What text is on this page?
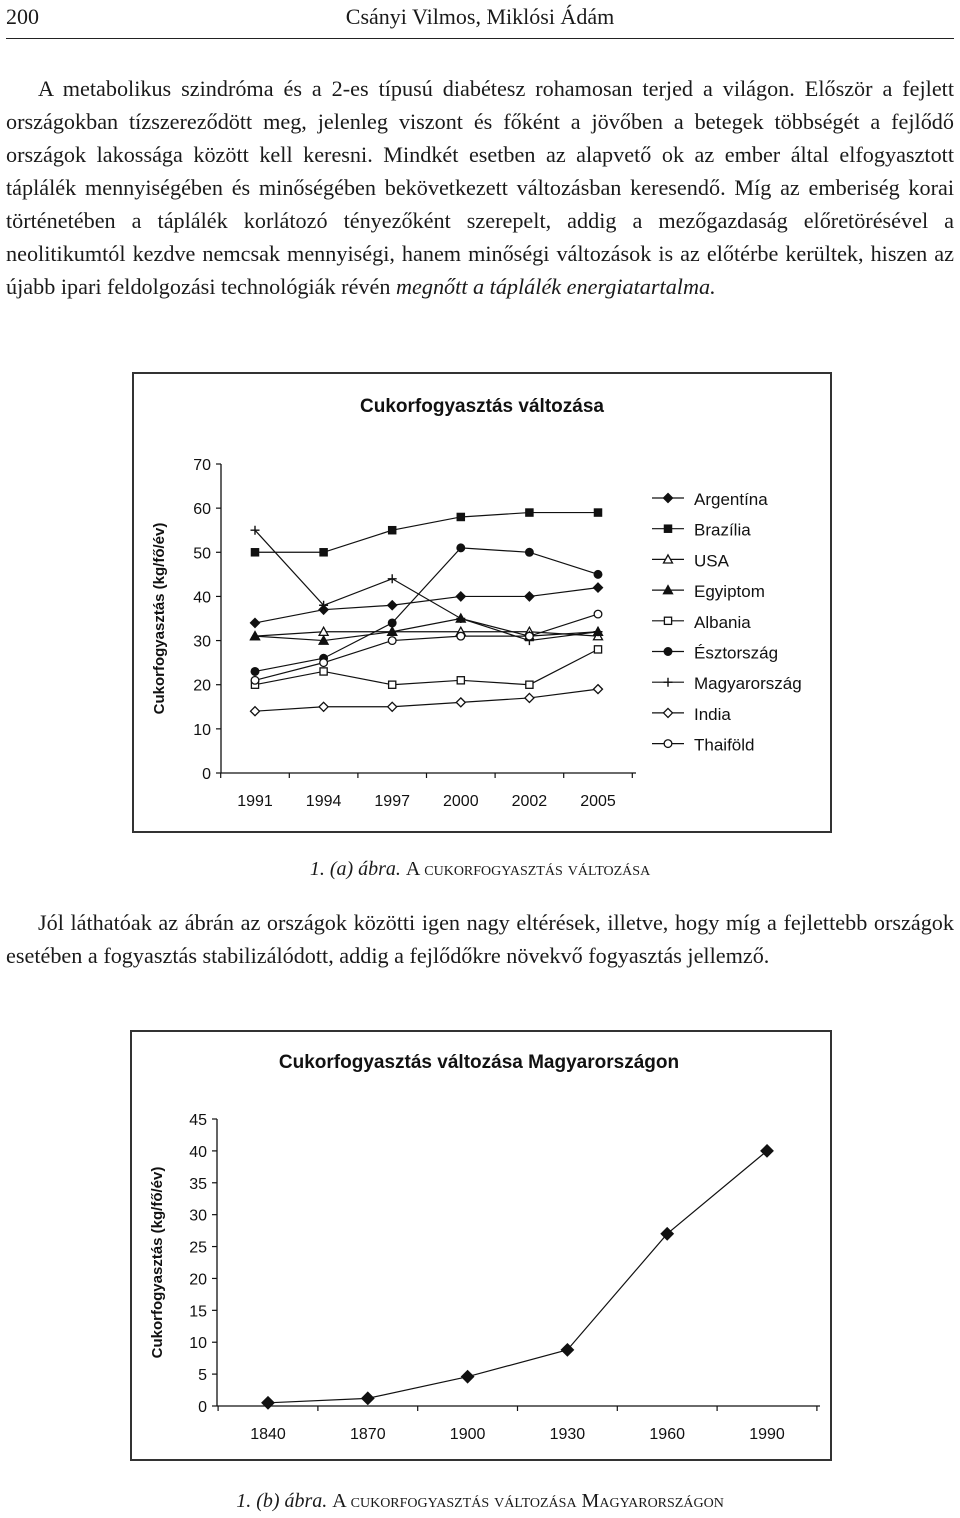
200	Csányi Vilmos, Miklósi Ádám

A metabolikus szindróma és a 2-es típusú diabétesz rohamosan terjed a világon. Először a fejlett országokban tízszereződött meg, jelenleg viszont és főként a jövőben a betegek többségét a fejlődő országok lakossága között kell keresni. Mindkét esetben az alapvető ok az ember által elfogyasztott táplálék mennyiségében és minőségében bekövetkezett változásban keresendő. Míg az emberiség korai történetében a táplálék korlátozó tényezőként szerepelt, addig a mezőgazdaság előretörésével a neolitikumtól kezdve nemcsak mennyiségi, hanem minőségi változások is az előtérbe kerültek, hiszen az újabb ipari feldolgozási technológiák révén megnőtt a táplálék energiatartalma.

Cukorfogyasztás változása
Cukorfogyasztás (kg/fő/év)
0
10
20
30
40
50
60
70
1991 1994 1997 2000 2002 2005
Argentína
Brazília
USA
Egyiptom
Albania
Észtország
Magyarország
India
Thaiföld
1. (a) ábra. A cukorfogyasztás változása

Jól láthatóak az ábrán az országok közötti igen nagy eltérések, illetve, hogy míg a fejlettebb országok esetében a fogyasztás stabilizálódott, addig a fejlődőkre növekvő fogyasztás jellemző.

Cukorfogyasztás változása Magyarországon
Cukorfogyasztás (kg/fő/év)
0
5
10
15
20
25
30
35
40
45
1840	1870	1900	1930	1960	1990
1. (b) ábra. A cukorfogyasztás változása Magyarországon
